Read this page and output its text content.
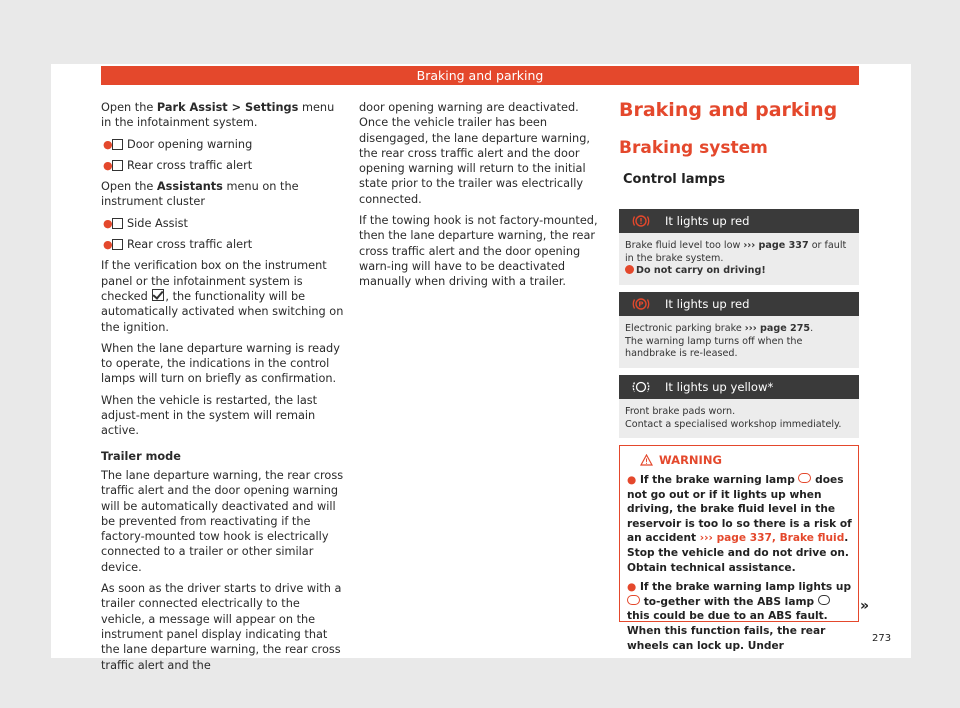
Braking and parking

Open the Park Assist > Settings menu in the infotainment system.

● Door opening warning
● Rear cross traffic alert

Open the Assistants menu on the instrument cluster

● Side Assist
● Rear cross traffic alert

If the verification box on the instrument panel or the infotainment system is checked , the functionality will be automatically activated when switching on the ignition.

When the lane departure warning is ready to operate, the indications in the control lamps will turn on briefly as confirmation.

When the vehicle is restarted, the last adjust-ment in the system will remain active.

Trailer mode

The lane departure warning, the rear cross traffic alert and the door opening warning will be automatically deactivated and will be prevented from reactivating if the factory-mounted tow hook is electrically connected to a trailer or other similar device.

As soon as the driver starts to drive with a trailer connected electrically to the vehicle, a message will appear on the instrument panel display indicating that the lane departure warning, the rear cross traffic alert and the

door opening warning are deactivated. Once the vehicle trailer has been disengaged, the lane departure warning, the rear cross traffic alert and the door opening warning will return to the initial state prior to the trailer was electrically connected.

If the towing hook is not factory-mounted, then the lane departure warning, the rear cross traffic alert and the door opening warn-ing will have to be deactivated manually when driving with a trailer.

Braking and parking
Braking system
Control lamps
It lights up red
Brake fluid level too low ››› page 337 or fault in the brake system.
Do not carry on driving!
P It lights up red
Electronic parking brake ››› page 275.
The warning lamp turns off when the handbrake is re-leased.
It lights up yellow*
Front brake pads worn.
Contact a specialised workshop immediately.
WARNING

● If the brake warning lamp  does not go out or if it lights up when driving, the brake fluid level in the reservoir is too lo so there is a risk of an accident ››› page 337, Brake fluid. Stop the vehicle and do not drive on. Obtain technical assistance.

● If the brake warning lamp lights up  to-gether with the ABS lamp  this could be due to an ABS fault. When this function fails, the rear wheels can lock up. Under

»
273
